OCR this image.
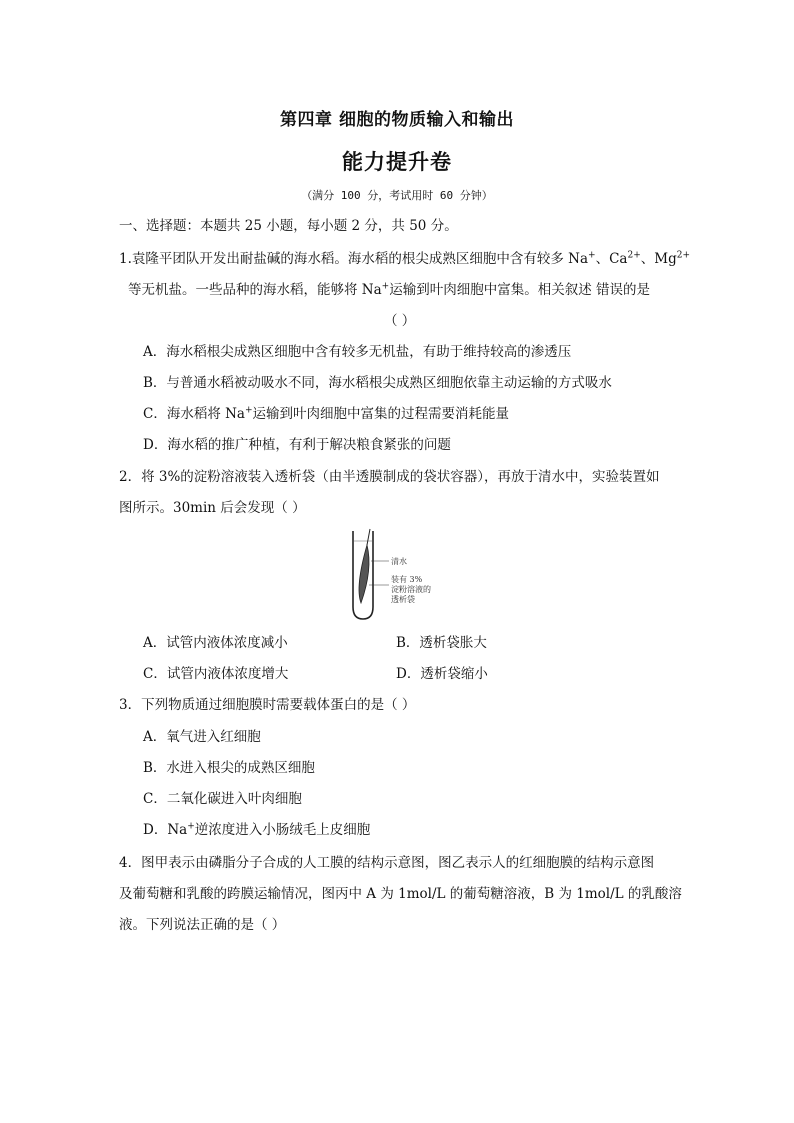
第四章 细胞的物质输入和输出
能力提升卷
（满分 100 分，考试用时 60 分钟）
一、选择题：本题共 25 小题，每小题 2 分，共 50 分。
1.袁隆平团队开发出耐盐碱的海水稻。海水稻的根尖成熟区细胞中含有较多 Na+、$Ca^{2+}$、$Mg^{2+}$
等无机盐。一些品种的海水稻，能够将 Na+运输到叶肉细胞中富集。相关叙述 错误的是
（ ）
A．海水稻根尖成熟区细胞中含有较多无机盐，有助于维持较高的渗透压
B．与普通水稻被动吸水不同，海水稻根尖成熟区细胞依靠主动运输的方式吸水
C．海水稻将 Na+运输到叶肉细胞中富集的过程需要消耗能量
D．海水稻的推广种植，有利于解决粮食紧张的问题
2．将 3%的淀粉溶液装入透析袋（由半透膜制成的袋状容器），再放于清水中，实验装置如
图所示。30min 后会发现（ ）
清水
装有 3%
淀粉溶液的
透析袋
A．试管内液体浓度减小	B．透析袋胀大
C．试管内液体浓度增大	D．透析袋缩小
3．下列物质通过细胞膜时需要载体蛋白的是（ ）
A．氧气进入红细胞
B．水进入根尖的成熟区细胞
C．二氧化碳进入叶肉细胞
D．Na+逆浓度进入小肠绒毛上皮细胞
4．图甲表示由磷脂分子合成的人工膜的结构示意图，图乙表示人的红细胞膜的结构示意图
及葡萄糖和乳酸的跨膜运输情况，图丙中 A 为 1mol/L 的葡萄糖溶液，B 为 1mol/L 的乳酸溶
液。下列说法正确的是（ ）
